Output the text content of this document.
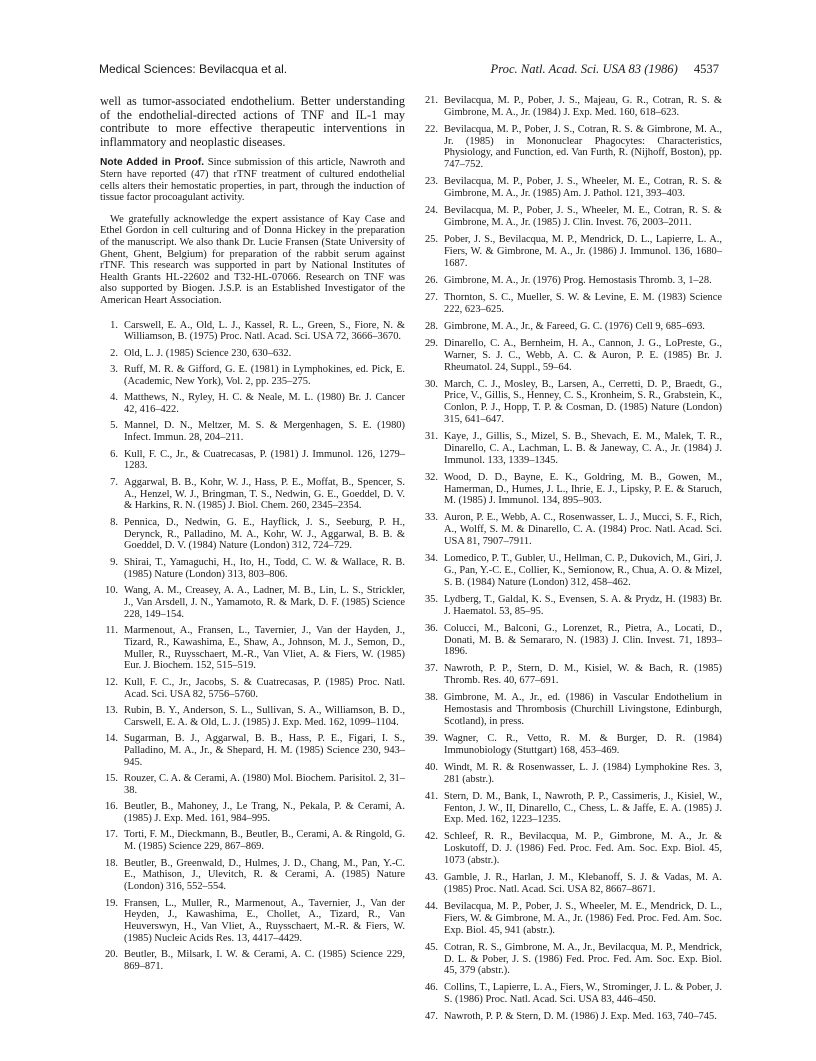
Medical Sciences: Bevilacqua et al.	Proc. Natl. Acad. Sci. USA 83 (1986) 4537

well as tumor-associated endothelium. Better understanding of the endothelial-directed actions of TNF and IL-1 may contribute to more effective therapeutic interventions in inflammatory and neoplastic diseases.

Note Added in Proof. Since submission of this article, Nawroth and Stern have reported (47) that rTNF treatment of cultured endothelial cells alters their hemostatic properties, in part, through the induction of tissue factor procoagulant activity.

We gratefully acknowledge the expert assistance of Kay Case and Ethel Gordon in cell culturing and of Donna Hickey in the preparation of the manuscript. We also thank Dr. Lucie Fransen (State University of Ghent, Ghent, Belgium) for preparation of the rabbit serum against rTNF. This research was supported in part by National Institutes of Health Grants HL-22602 and T32-HL-07066. Research on TNF was also supported by Biogen. J.S.P. is an Established Investigator of the American Heart Association.

1. Carswell, E. A., Old, L. J., Kassel, R. L., Green, S., Fiore, N. & Williamson, B. (1975) Proc. Natl. Acad. Sci. USA 72, 3666–3670.
2. Old, L. J. (1985) Science 230, 630–632.
3. Ruff, M. R. & Gifford, G. E. (1981) in Lymphokines, ed. Pick, E. (Academic, New York), Vol. 2, pp. 235–275.
4. Matthews, N., Ryley, H. C. & Neale, M. L. (1980) Br. J. Cancer 42, 416–422.
5. Mannel, D. N., Meltzer, M. S. & Mergenhagen, S. E. (1980) Infect. Immun. 28, 204–211.
6. Kull, F. C., Jr., & Cuatrecasas, P. (1981) J. Immunol. 126, 1279–1283.
7. Aggarwal, B. B., Kohr, W. J., Hass, P. E., Moffat, B., Spencer, S. A., Henzel, W. J., Bringman, T. S., Nedwin, G. E., Goeddel, D. V. & Harkins, R. N. (1985) J. Biol. Chem. 260, 2345–2354.
8. Pennica, D., Nedwin, G. E., Hayflick, J. S., Seeburg, P. H., Derynck, R., Palladino, M. A., Kohr, W. J., Aggarwal, B. B. & Goeddel, D. V. (1984) Nature (London) 312, 724–729.
9. Shirai, T., Yamaguchi, H., Ito, H., Todd, C. W. & Wallace, R. B. (1985) Nature (London) 313, 803–806.
10. Wang, A. M., Creasey, A. A., Ladner, M. B., Lin, L. S., Strickler, J., Van Arsdell, J. N., Yamamoto, R. & Mark, D. F. (1985) Science 228, 149–154.
11. Marmenout, A., Fransen, L., Tavernier, J., Van der Hayden, J., Tizard, R., Kawashima, E., Shaw, A., Johnson, M. J., Semon, D., Muller, R., Ruysschaert, M.-R., Van Vliet, A. & Fiers, W. (1985) Eur. J. Biochem. 152, 515–519.
12. Kull, F. C., Jr., Jacobs, S. & Cuatrecasas, P. (1985) Proc. Natl. Acad. Sci. USA 82, 5756–5760.
13. Rubin, B. Y., Anderson, S. L., Sullivan, S. A., Williamson, B. D., Carswell, E. A. & Old, L. J. (1985) J. Exp. Med. 162, 1099–1104.
14. Sugarman, B. J., Aggarwal, B. B., Hass, P. E., Figari, I. S., Palladino, M. A., Jr., & Shepard, H. M. (1985) Science 230, 943–945.
15. Rouzer, C. A. & Cerami, A. (1980) Mol. Biochem. Parisitol. 2, 31–38.
16. Beutler, B., Mahoney, J., Le Trang, N., Pekala, P. & Cerami, A. (1985) J. Exp. Med. 161, 984–995.
17. Torti, F. M., Dieckmann, B., Beutler, B., Cerami, A. & Ringold, G. M. (1985) Science 229, 867–869.
18. Beutler, B., Greenwald, D., Hulmes, J. D., Chang, M., Pan, Y.-C. E., Mathison, J., Ulevitch, R. & Cerami, A. (1985) Nature (London) 316, 552–554.
19. Fransen, L., Muller, R., Marmenout, A., Tavernier, J., Van der Heyden, J., Kawashima, E., Chollet, A., Tizard, R., Van Heuverswyn, H., Van Vliet, A., Ruysschaert, M.-R. & Fiers, W. (1985) Nucleic Acids Res. 13, 4417–4429.
20. Beutler, B., Milsark, I. W. & Cerami, A. C. (1985) Science 229, 869–871.
21. Bevilacqua, M. P., Pober, J. S., Majeau, G. R., Cotran, R. S. & Gimbrone, M. A., Jr. (1984) J. Exp. Med. 160, 618–623.
22. Bevilacqua, M. P., Pober, J. S., Cotran, R. S. & Gimbrone, M. A., Jr. (1985) in Mononuclear Phagocytes: Characteristics, Physiology, and Function, ed. Van Furth, R. (Nijhoff, Boston), pp. 747–752.
23. Bevilacqua, M. P., Pober, J. S., Wheeler, M. E., Cotran, R. S. & Gimbrone, M. A., Jr. (1985) Am. J. Pathol. 121, 393–403.
24. Bevilacqua, M. P., Pober, J. S., Wheeler, M. E., Cotran, R. S. & Gimbrone, M. A., Jr. (1985) J. Clin. Invest. 76, 2003–2011.
25. Pober, J. S., Bevilacqua, M. P., Mendrick, D. L., Lapierre, L. A., Fiers, W. & Gimbrone, M. A., Jr. (1986) J. Immunol. 136, 1680–1687.
26. Gimbrone, M. A., Jr. (1976) Prog. Hemostasis Thromb. 3, 1–28.
27. Thornton, S. C., Mueller, S. W. & Levine, E. M. (1983) Science 222, 623–625.
28. Gimbrone, M. A., Jr., & Fareed, G. C. (1976) Cell 9, 685–693.
29. Dinarello, C. A., Bernheim, H. A., Cannon, J. G., LoPreste, G., Warner, S. J. C., Webb, A. C. & Auron, P. E. (1985) Br. J. Rheumatol. 24, Suppl., 59–64.
30. March, C. J., Mosley, B., Larsen, A., Cerretti, D. P., Braedt, G., Price, V., Gillis, S., Henney, C. S., Kronheim, S. R., Grabstein, K., Conlon, P. J., Hopp, T. P. & Cosman, D. (1985) Nature (London) 315, 641–647.
31. Kaye, J., Gillis, S., Mizel, S. B., Shevach, E. M., Malek, T. R., Dinarello, C. A., Lachman, L. B. & Janeway, C. A., Jr. (1984) J. Immunol. 133, 1339–1345.
32. Wood, D. D., Bayne, E. K., Goldring, M. B., Gowen, M., Hamerman, D., Humes, J. L., Ihrie, E. J., Lipsky, P. E. & Staruch, M. (1985) J. Immunol. 134, 895–903.
33. Auron, P. E., Webb, A. C., Rosenwasser, L. J., Mucci, S. F., Rich, A., Wolff, S. M. & Dinarello, C. A. (1984) Proc. Natl. Acad. Sci. USA 81, 7907–7911.
34. Lomedico, P. T., Gubler, U., Hellman, C. P., Dukovich, M., Giri, J. G., Pan, Y.-C. E., Collier, K., Semionow, R., Chua, A. O. & Mizel, S. B. (1984) Nature (London) 312, 458–462.
35. Lydberg, T., Galdal, K. S., Evensen, S. A. & Prydz, H. (1983) Br. J. Haematol. 53, 85–95.
36. Colucci, M., Balconi, G., Lorenzet, R., Pietra, A., Locati, D., Donati, M. B. & Semararo, N. (1983) J. Clin. Invest. 71, 1893–1896.
37. Nawroth, P. P., Stern, D. M., Kisiel, W. & Bach, R. (1985) Thromb. Res. 40, 677–691.
38. Gimbrone, M. A., Jr., ed. (1986) in Vascular Endothelium in Hemostasis and Thrombosis (Churchill Livingstone, Edinburgh, Scotland), in press.
39. Wagner, C. R., Vetto, R. M. & Burger, D. R. (1984) Immunobiology (Stuttgart) 168, 453–469.
40. Windt, M. R. & Rosenwasser, L. J. (1984) Lymphokine Res. 3, 281 (abstr.).
41. Stern, D. M., Bank, I., Nawroth, P. P., Cassimeris, J., Kisiel, W., Fenton, J. W., II, Dinarello, C., Chess, L. & Jaffe, E. A. (1985) J. Exp. Med. 162, 1223–1235.
42. Schleef, R. R., Bevilacqua, M. P., Gimbrone, M. A., Jr. & Loskutoff, D. J. (1986) Fed. Proc. Fed. Am. Soc. Exp. Biol. 45, 1073 (abstr.).
43. Gamble, J. R., Harlan, J. M., Klebanoff, S. J. & Vadas, M. A. (1985) Proc. Natl. Acad. Sci. USA 82, 8667–8671.
44. Bevilacqua, M. P., Pober, J. S., Wheeler, M. E., Mendrick, D. L., Fiers, W. & Gimbrone, M. A., Jr. (1986) Fed. Proc. Fed. Am. Soc. Exp. Biol. 45, 941 (abstr.).
45. Cotran, R. S., Gimbrone, M. A., Jr., Bevilacqua, M. P., Mendrick, D. L. & Pober, J. S. (1986) Fed. Proc. Fed. Am. Soc. Exp. Biol. 45, 379 (abstr.).
46. Collins, T., Lapierre, L. A., Fiers, W., Strominger, J. L. & Pober, J. S. (1986) Proc. Natl. Acad. Sci. USA 83, 446–450.
47. Nawroth, P. P. & Stern, D. M. (1986) J. Exp. Med. 163, 740–745.
